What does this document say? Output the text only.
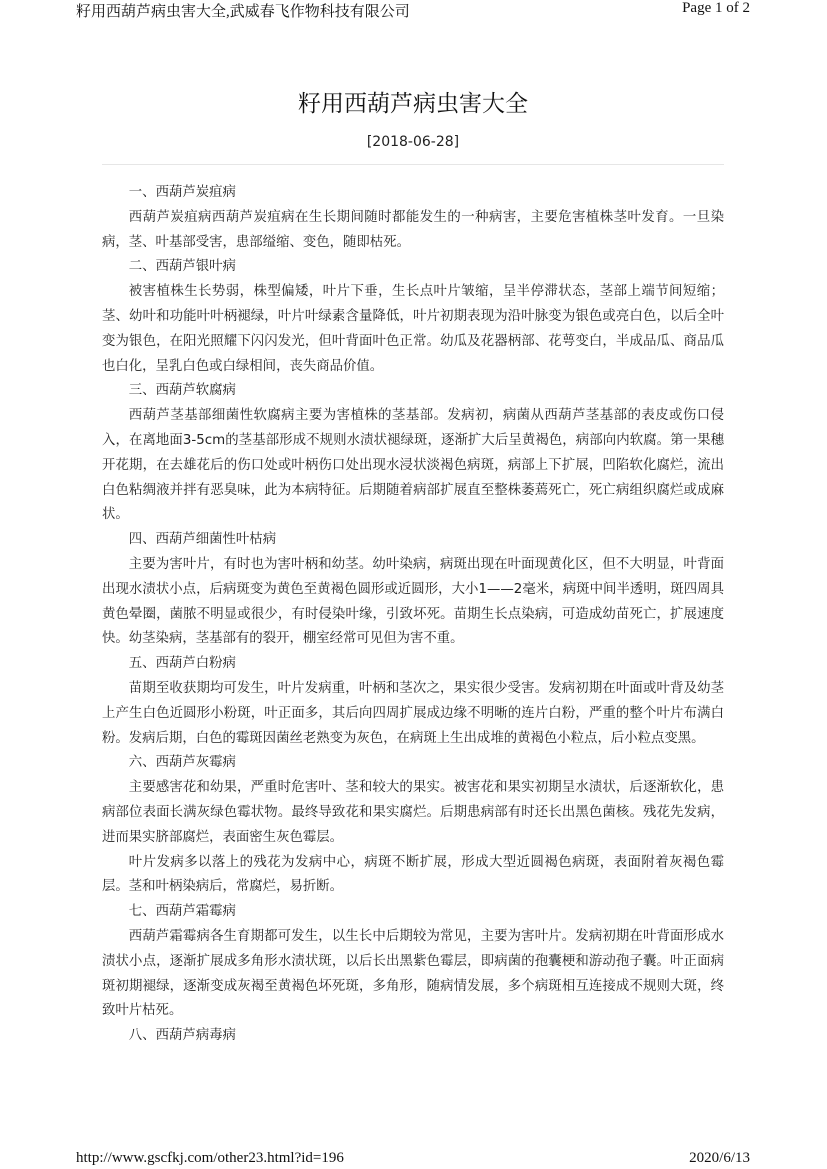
籽用西葫芦病虫害大全,武威春飞作物科技有限公司	Page 1 of 2
籽用西葫芦病虫害大全
[2018-06-28]

一、西葫芦炭疽病

西葫芦炭疽病西葫芦炭疽病在生长期间随时都能发生的一种病害，主要危害植株茎叶发育。一旦染病，茎、叶基部受害，患部缢缩、变色，随即枯死。

二、西葫芦银叶病

被害植株生长势弱，株型偏矮，叶片下垂，生长点叶片皱缩，呈半停滞状态，茎部上端节间短缩；茎、幼叶和功能叶叶柄褪绿，叶片叶绿素含量降低，叶片初期表现为沿叶脉变为银色或亮白色，以后全叶变为银色，在阳光照耀下闪闪发光，但叶背面叶色正常。幼瓜及花器柄部、花萼变白，半成品瓜、商品瓜也白化，呈乳白色或白绿相间，丧失商品价值。

三、西葫芦软腐病

西葫芦茎基部细菌性软腐病主要为害植株的茎基部。发病初，病菌从西葫芦茎基部的表皮或伤口侵入，在离地面3-5cm的茎基部形成不规则水渍状褪绿斑，逐渐扩大后呈黄褐色，病部向内软腐。第一果穗开花期，在去雄花后的伤口处或叶柄伤口处出现水浸状淡褐色病斑，病部上下扩展，凹陷软化腐烂，流出白色粘绸液并拌有恶臭味，此为本病特征。后期随着病部扩展直至整株萎蔫死亡，死亡病组织腐烂或成麻状。

四、西葫芦细菌性叶枯病

主要为害叶片，有时也为害叶柄和幼茎。幼叶染病，病斑出现在叶面现黄化区，但不大明显，叶背面出现水渍状小点，后病斑变为黄色至黄褐色圆形或近圆形，大小1——2毫米，病斑中间半透明，斑四周具黄色晕圈，菌脓不明显或很少，有时侵染叶缘，引致坏死。苗期生长点染病，可造成幼苗死亡，扩展速度快。幼茎染病，茎基部有的裂开，棚室经常可见但为害不重。

五、西葫芦白粉病

苗期至收获期均可发生，叶片发病重，叶柄和茎次之，果实很少受害。发病初期在叶面或叶背及幼茎上产生白色近圆形小粉斑，叶正面多，其后向四周扩展成边缘不明晰的连片白粉，严重的整个叶片布满白粉。发病后期，白色的霉斑因菌丝老熟变为灰色，在病斑上生出成堆的黄褐色小粒点，后小粒点变黑。

六、西葫芦灰霉病

主要感害花和幼果，严重时危害叶、茎和较大的果实。被害花和果实初期呈水渍状，后逐渐软化，患病部位表面长满灰绿色霉状物。最终导致花和果实腐烂。后期患病部有时还长出黑色菌核。残花先发病，进而果实脐部腐烂，表面密生灰色霉层。

叶片发病多以落上的残花为发病中心，病斑不断扩展，形成大型近圆褐色病斑，表面附着灰褐色霉层。茎和叶柄染病后，常腐烂，易折断。

七、西葫芦霜霉病

西葫芦霜霉病各生育期都可发生，以生长中后期较为常见，主要为害叶片。发病初期在叶背面形成水渍状小点，逐渐扩展成多角形水渍状斑，以后长出黑紫色霉层，即病菌的孢囊梗和游动孢子囊。叶正面病斑初期褪绿，逐渐变成灰褐至黄褐色坏死斑，多角形，随病情发展，多个病斑相互连接成不规则大斑，终致叶片枯死。

八、西葫芦病毒病

http://www.gscfkj.com/other23.html?id=196	2020/6/13
